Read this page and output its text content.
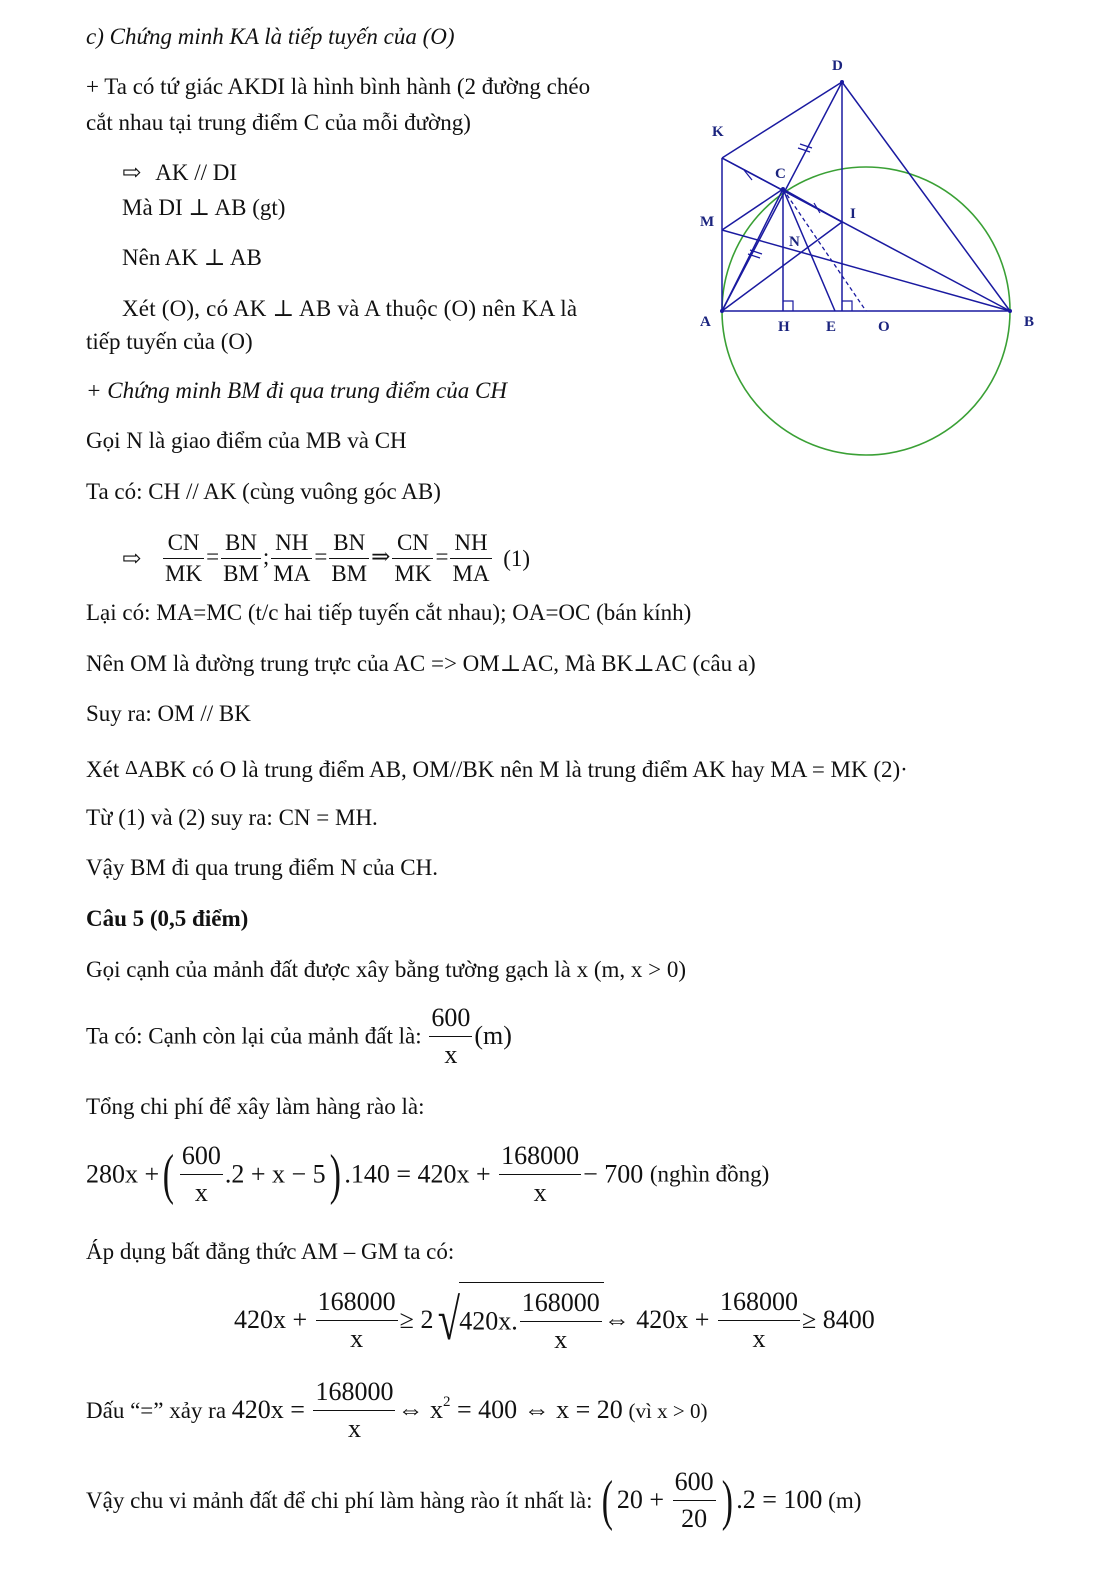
c) Chứng minh KA là tiếp tuyến của (O)
+ Ta có tứ giác AKDI là hình bình hành (2 đường chéo
cắt nhau tại trung điểm C của mỗi đường)
⇨ AK // DI
Mà DI ⊥ AB (gt)
Nên AK ⊥ AB
Xét (O), có AK ⊥ AB và A thuộc (O) nên KA là
tiếp tuyến của (O)
A	B
C
D
E
H
I
K
M
N
O
+ Chứng minh BM đi qua trung điểm của CH
Gọi N là giao điểm của MB và CH
Ta có: CH // AK (cùng vuông góc AB)
⇨ $\frac{CN}{MK} = \frac{BN}{BM}$ ; $\frac{NH}{MA} = \frac{BN}{BM}$ ⇒ $\frac{CN}{MK} = \frac{NH}{MA} (1)$
Lại có: MA=MC (t/c hai tiếp tuyến cắt nhau); OA=OC (bán kính)
Nên OM là đường trung trực của AC => OM⊥AC, Mà BK⊥AC (câu a)
Suy ra: OM // BK
Xét ΔABK có O là trung điểm AB, OM//BK nên M là trung điểm AK hay MA = MK (2)·
Từ (1) và (2) suy ra: CN = MH.
Vậy BM đi qua trung điểm N của CH.
Câu 5 (0,5 điểm)
Gọi cạnh của mảnh đất được xây bằng tường gạch là x (m, x > 0)
Ta có: Cạnh còn lại của mảnh đất là: $\frac{600}{x} (m)$
Tổng chi phí để xây làm hàng rào là:
280x +( $\frac{600}{x} .2 + x - 5$) $.140 = 420x + \frac{168000}{x} - 700$ (nghìn đồng)
Áp dụng bất đẳng thức AM – GM ta có:
$420x + \frac{168000}{x} \ge 2√420x$. $\frac{168000}{x}$ ⇔ $420x + \frac{168000}{x} \ge 8400$
Dấu “=” xảy ra $420x = \frac{168000}{x}$ ⇔ $x^2 = 400$ ⇔ x = 20 (vì x > 0)
Vậy chu vi mảnh đất để chi phí làm hàng rào ít nhất là: ( $20 + \frac{600}{20}$ ) .2 = 100 (m)
